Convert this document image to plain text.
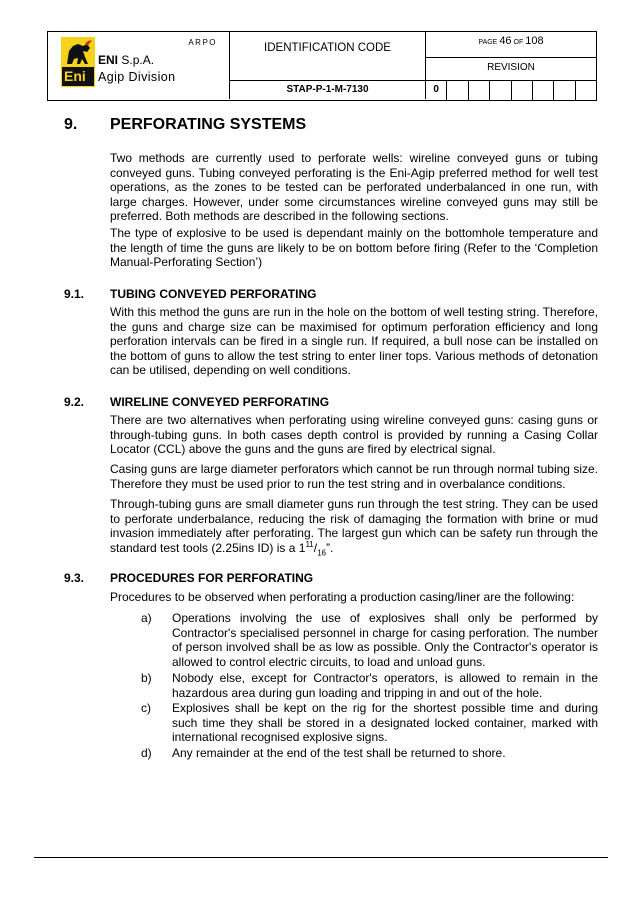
Eni
ARPO
ENI S.p.A.
Agip Division
IDENTIFICATION CODE
STAP-P-1-M-7130
PAGE 46 OF 108
REVISION
0
9. PERFORATING SYSTEMS

Two methods are currently used to perforate wells: wireline conveyed guns or tubing conveyed guns. Tubing conveyed perforating is the Eni-Agip preferred method for well test operations, as the zones to be tested can be perforated underbalanced in one run, with large charges. However, under some circumstances wireline conveyed guns may still be preferred. Both methods are described in the following sections.

The type of explosive to be used is dependant mainly on the bottomhole temperature and the length of time the guns are likely to be on bottom before firing (Refer to the ‘Completion Manual-Perforating Section’)

9.1. TUBING CONVEYED PERFORATING

With this method the guns are run in the hole on the bottom of well testing string. Therefore, the guns and charge size can be maximised for optimum perforation efficiency and long perforation intervals can be fired in a single run. If required, a bull nose can be installed on the bottom of guns to allow the test string to enter liner tops. Various methods of detonation can be utilised, depending on well conditions.

9.2. WIRELINE CONVEYED PERFORATING

There are two alternatives when perforating using wireline conveyed guns: casing guns or through-tubing guns. In both cases depth control is provided by running a Casing Collar Locator (CCL) above the guns and the guns are fired by electrical signal.

Casing guns are large diameter perforators which cannot be run through normal tubing size. Therefore they must be used prior to run the test string and in overbalance conditions.

Through-tubing guns are small diameter guns run through the test string. They can be used to perforate underbalance, reducing the risk of damaging the formation with brine or mud invasion immediately after perforating. The largest gun which can be safety run through the standard test tools (2.25ins ID) is a $1^{11}/_{16}$”.

9.3. PROCEDURES FOR PERFORATING

Procedures to be observed when perforating a production casing/liner are the following:

a) Operations involving the use of explosives shall only be performed by Contractor's specialised personnel in charge for casing perforation. The number of person involved shall be as low as possible. Only the Contractor's operator is allowed to control electric circuits, to load and unload guns.
b) Nobody else, except for Contractor's operators, is allowed to remain in the hazardous area during gun loading and tripping in and out of the hole.
c) Explosives shall be kept on the rig for the shortest possible time and during such time they shall be stored in a designated locked container, marked with international recognised explosive signs.
d) Any remainder at the end of the test shall be returned to shore.
